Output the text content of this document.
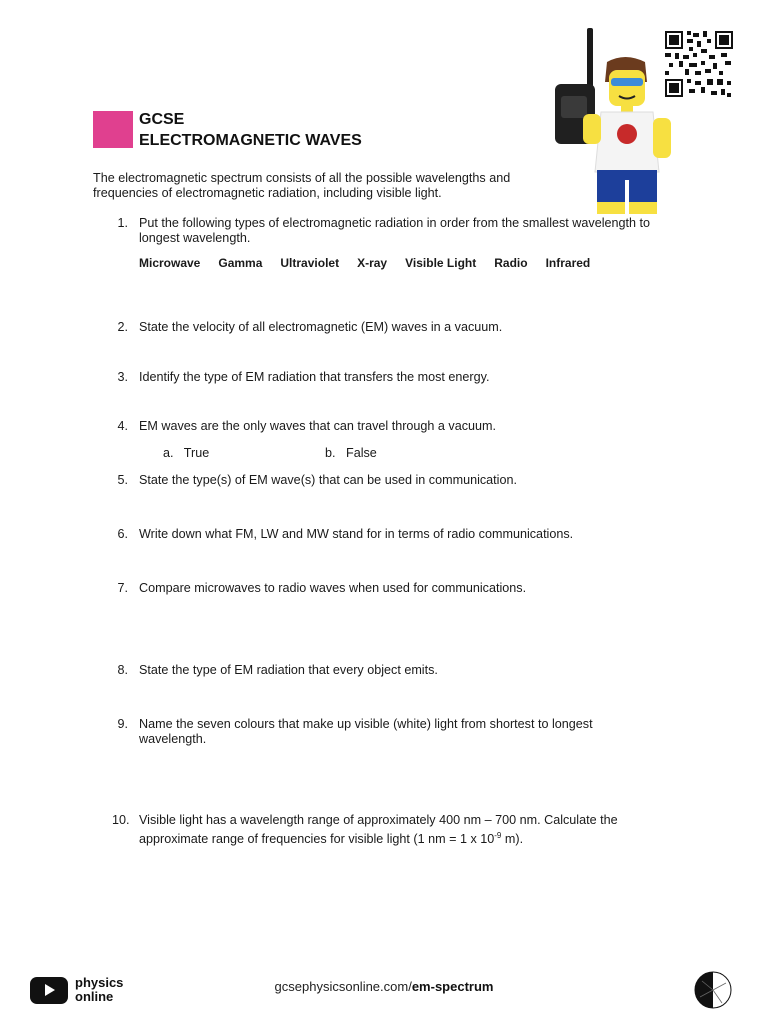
GCSE
ELECTROMAGNETIC WAVES
The electromagnetic spectrum consists of all the possible wavelengths and frequencies of electromagnetic radiation, including visible light.
1. Put the following types of electromagnetic radiation in order from the smallest wavelength to longest wavelength.
Microwave Gamma Ultraviolet X-ray Visible Light Radio Infrared
2. State the velocity of all electromagnetic (EM) waves in a vacuum.
3. Identify the type of EM radiation that transfers the most energy.
4. EM waves are the only waves that can travel through a vacuum.
a. True	b. False
5. State the type(s) of EM wave(s) that can be used in communication.
6. Write down what FM, LW and MW stand for in terms of radio communications.
7. Compare microwaves to radio waves when used for communications.
8. State the type of EM radiation that every object emits.
9. Name the seven colours that make up visible (white) light from shortest to longest wavelength.
10. Visible light has a wavelength range of approximately 400 nm – 700 nm. Calculate the approximate range of frequencies for visible light (1 nm = 1 x $10^{-9}$ m).
physics
online
gcsephysicsonline.com/em-spectrum
